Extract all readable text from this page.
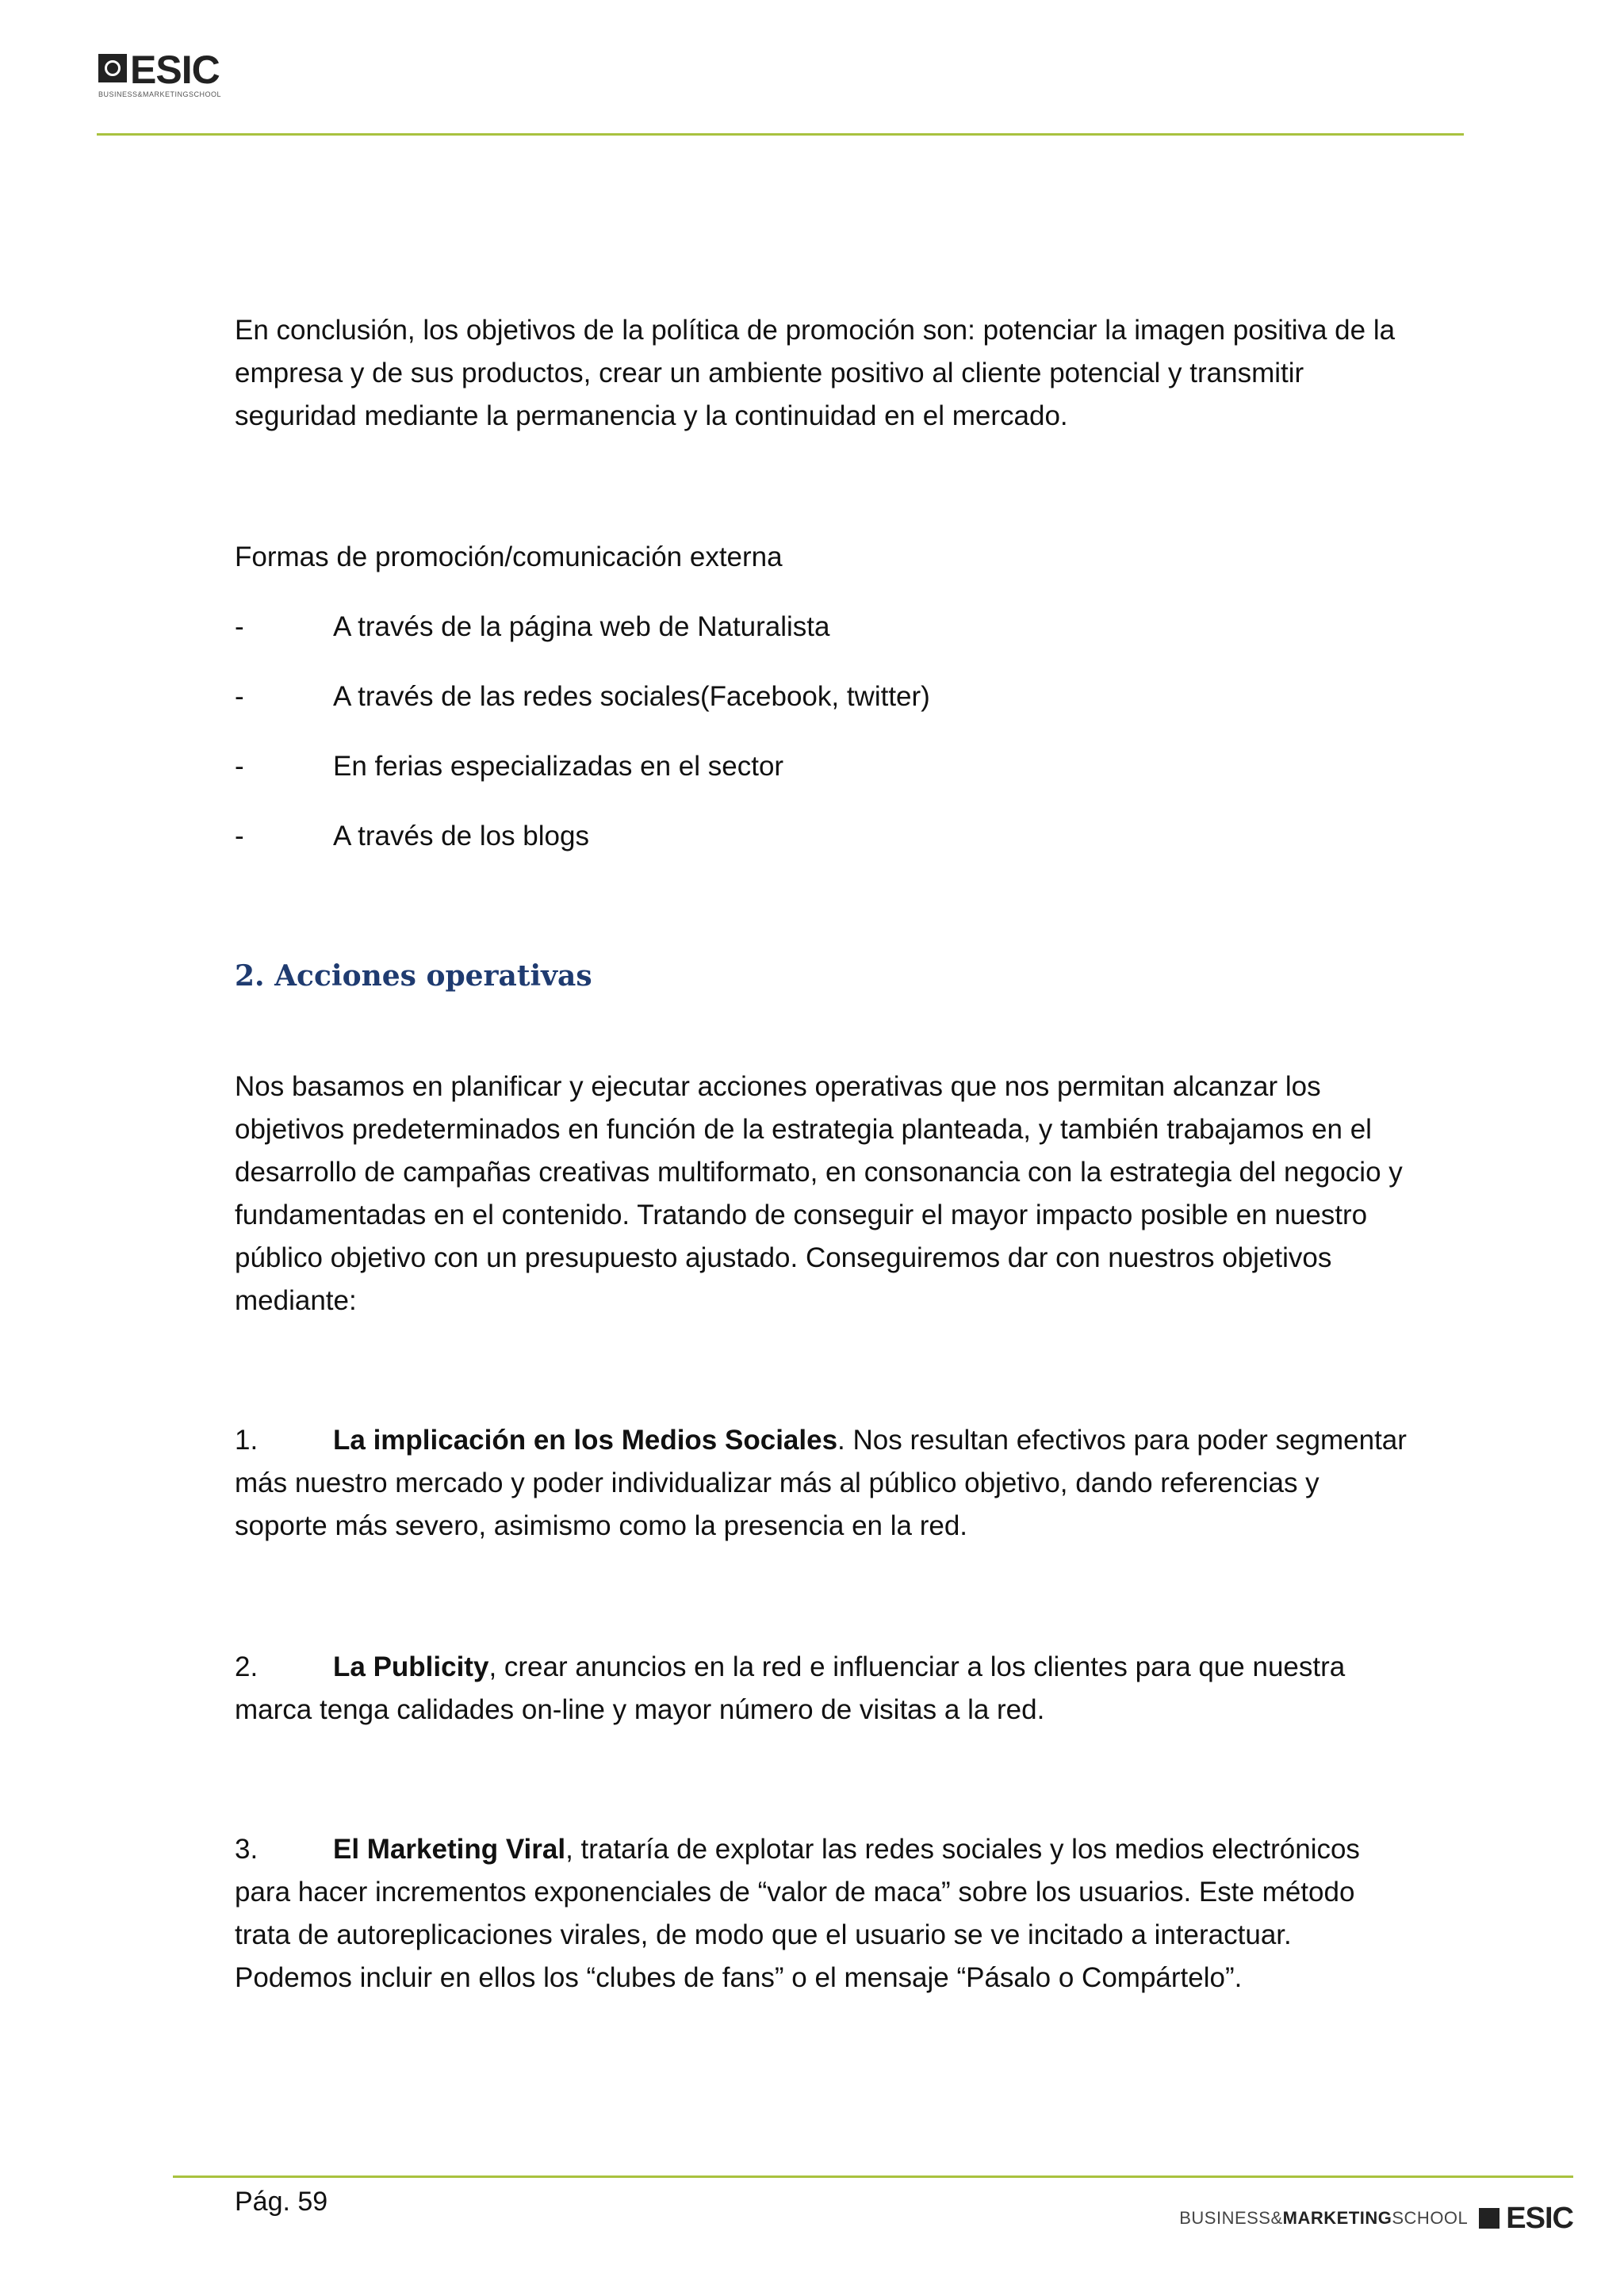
ESIC
BUSINESS&MARKETINGSCHOOL

En conclusión, los objetivos de la política de promoción son: potenciar la imagen positiva de la empresa y de sus productos, crear un ambiente positivo al cliente potencial y transmitir seguridad mediante la permanencia y la continuidad en el mercado.

Formas de promoción/comunicación externa

-	A través de la página web de Naturalista
-	A través de las redes sociales(Facebook, twitter)
-	En ferias especializadas en el sector
-	A través de los blogs
2. Acciones operativas

Nos basamos en planificar y ejecutar acciones operativas que nos permitan alcanzar los objetivos predeterminados en función de la estrategia planteada, y también trabajamos en el desarrollo de campañas creativas multiformato, en consonancia con la estrategia del negocio y fundamentadas en el contenido. Tratando de conseguir el mayor impacto posible en nuestro público objetivo con un presupuesto ajustado. Conseguiremos dar con nuestros objetivos mediante:

1.	La implicación en los Medios Sociales. Nos resultan efectivos para poder segmentar más nuestro mercado y poder individualizar más al público objetivo, dando referencias y soporte más severo, asimismo como la presencia en la red.

2.	La Publicity, crear anuncios en la red e influenciar a los clientes para que nuestra marca tenga calidades on-line y mayor número de visitas a la red.

3.	El Marketing Viral, trataría de explotar las redes sociales y los medios electrónicos para hacer incrementos exponenciales de “valor de maca” sobre los usuarios. Este método trata de autoreplicaciones virales, de modo que el usuario se ve incitado a interactuar. Podemos incluir en ellos los “clubes de fans” o el mensaje “Pásalo o Compártelo”.

Pág. 59
BUSINESS&MARKETINGSCHOOL ESIC
